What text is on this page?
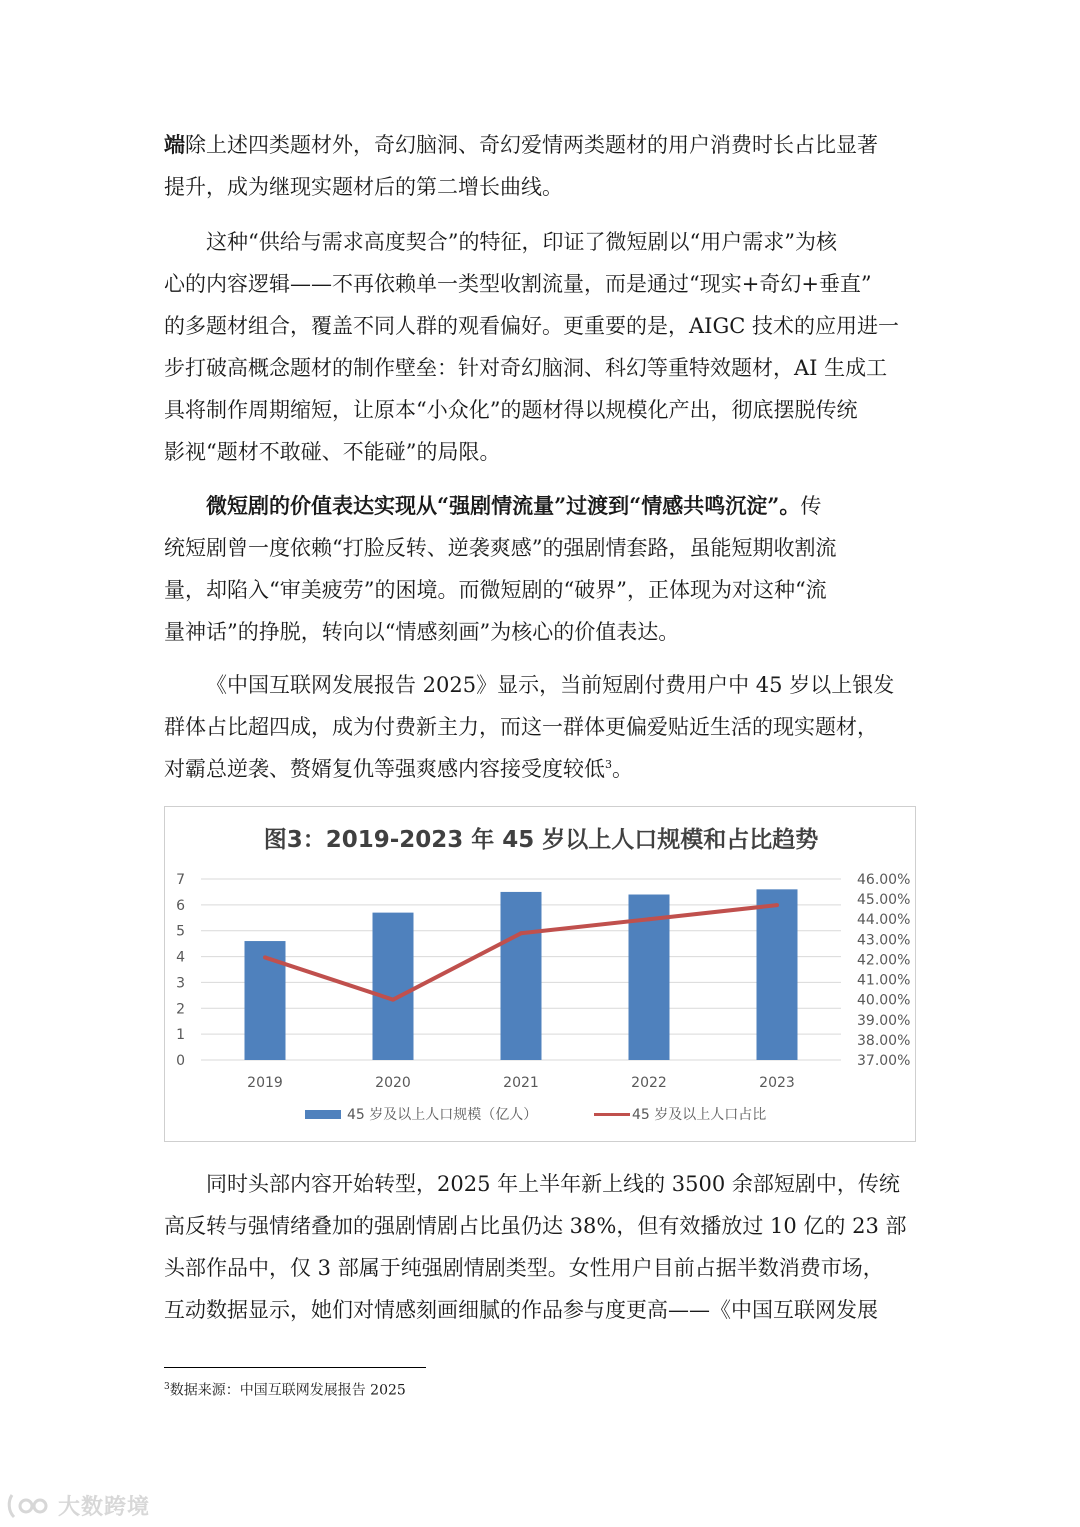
端除上述四类题材外，奇幻脑洞、奇幻爱情两类题材的用户消费时长占比显著
提升，成为继现实题材后的第二增长曲线。

这种“供给与需求高度契合”的特征，印证了微短剧以“用户需求”为核
心的内容逻辑——不再依赖单一类型收割流量，而是通过“现实+奇幻+垂直”
的多题材组合，覆盖不同人群的观看偏好。更重要的是，AIGC 技术的应用进一
步打破高概念题材的制作壁垒：针对奇幻脑洞、科幻等重特效题材，AI 生成工
具将制作周期缩短，让原本“小众化”的题材得以规模化产出，彻底摆脱传统
影视“题材不敢碰、不能碰”的局限。

微短剧的价值表达实现从“强剧情流量”过渡到“情感共鸣沉淀”。传
统短剧曾一度依赖“打脸反转、逆袭爽感”的强剧情套路，虽能短期收割流
量，却陷入“审美疲劳”的困境。而微短剧的“破界”，正体现为对这种“流
量神话”的挣脱，转向以“情感刻画”为核心的价值表达。

《中国互联网发展报告 2025》显示，当前短剧付费用户中 45 岁以上银发
群体占比超四成，成为付费新主力，而这一群体更偏爱贴近生活的现实题材，
对霸总逆袭、赘婿复仇等强爽感内容接受度较低$^3$。

图3：2019-2023 年 45 岁以上人口规模和占比趋势
0
1
2
3
4
5
6
7
37.00%
38.00%
39.00%
40.00%
41.00%
42.00%
43.00%
44.00%
45.00%
46.00%
2019	2020	2021	2022	2023
45 岁及以上人口规模（亿人）	45 岁及以上人口占比

同时头部内容开始转型，2025 年上半年新上线的 3500 余部短剧中，传统
高反转与强情绪叠加的强剧情剧占比虽仍达 38%，但有效播放过 10 亿的 23 部
头部作品中，仅 3 部属于纯强剧情剧类型。女性用户目前占据半数消费市场，
互动数据显示，她们对情感刻画细腻的作品参与度更高——《中国互联网发展

$^3$数据来源：中国互联网发展报告 2025
大数跨境
